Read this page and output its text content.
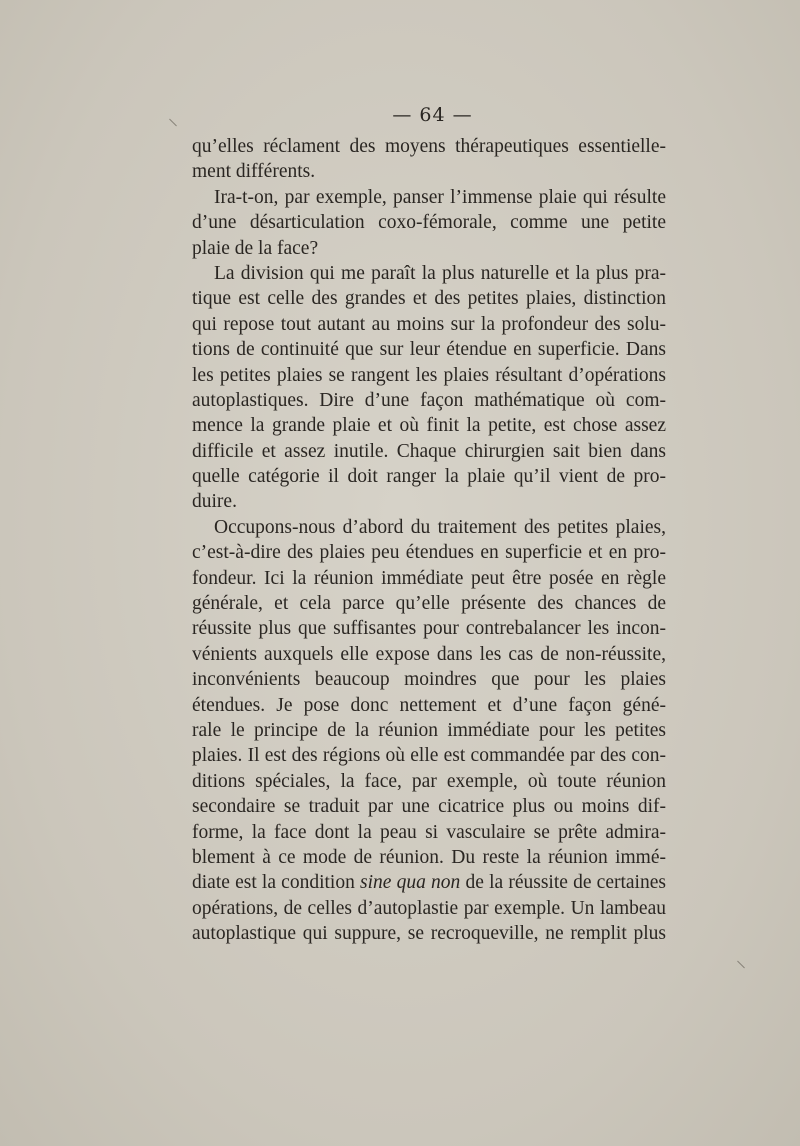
— 64 —
qu’elles réclament des moyens thérapeutiques essentielle-
ment différents.
Ira-t-on, par exemple, panser l’immense plaie qui résulte
d’une désarticulation coxo-fémorale, comme une petite
plaie de la face?
La division qui me paraît la plus naturelle et la plus pra-
tique est celle des grandes et des petites plaies, distinction
qui repose tout autant au moins sur la profondeur des solu-
tions de continuité que sur leur étendue en superficie. Dans
les petites plaies se rangent les plaies résultant d’opérations
autoplastiques. Dire d’une façon mathématique où com-
mence la grande plaie et où finit la petite, est chose assez
difficile et assez inutile. Chaque chirurgien sait bien dans
quelle catégorie il doit ranger la plaie qu’il vient de pro-
duire.
Occupons-nous d’abord du traitement des petites plaies,
c’est-à-dire des plaies peu étendues en superficie et en pro-
fondeur. Ici la réunion immédiate peut être posée en règle
générale, et cela parce qu’elle présente des chances de
réussite plus que suffisantes pour contrebalancer les incon-
vénients auxquels elle expose dans les cas de non-réussite,
inconvénients beaucoup moindres que pour les plaies
étendues. Je pose donc nettement et d’une façon géné-
rale le principe de la réunion immédiate pour les petites
plaies. Il est des régions où elle est commandée par des con-
ditions spéciales, la face, par exemple, où toute réunion
secondaire se traduit par une cicatrice plus ou moins dif-
forme, la face dont la peau si vasculaire se prête admira-
blement à ce mode de réunion. Du reste la réunion immé-
diate est la condition sine qua non de la réussite de certaines
opérations, de celles d’autoplastie par exemple. Un lambeau
autoplastique qui suppure, se recroqueville, ne remplit plus
